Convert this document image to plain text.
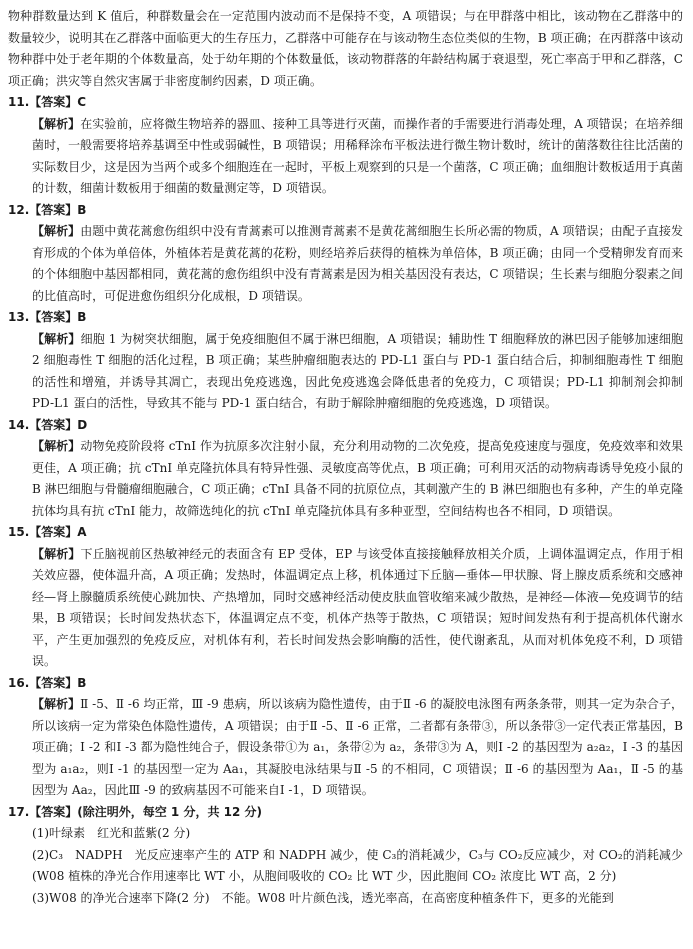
物种群数量达到 K 值后，种群数量会在一定范围内波动而不是保持不变，A 项错误；与在甲群落中相比，该动物在乙群落中的数量较少，说明其在乙群落中面临更大的生存压力，乙群落中可能存在与该动物生态位类似的生物，B 项正确；在丙群落中该动物种群中处于老年期的个体数量高，处于幼年期的个体数量低，该动物群落的年龄结构属于衰退型，死亡率高于甲和乙群落，C 项正确；洪灾等自然灾害属于非密度制约因素，D 项正确。

11.【答案】C

【解析】在实验前，应将微生物培养的器皿、接种工具等进行灭菌，而操作者的手需要进行消毒处理，A 项错误；在培养细菌时，一般需要将培养基调至中性或弱碱性，B 项错误；用稀释涂布平板法进行微生物计数时，统计的菌落数往往比活菌的实际数目少，这是因为当两个或多个细胞连在一起时，平板上观察到的只是一个菌落，C 项正确；血细胞计数板适用于真菌的计数，细菌计数板用于细菌的数量测定等，D 项错误。

12.【答案】B

【解析】由题中黄花蒿愈伤组织中没有青蒿素可以推测青蒿素不是黄花蒿细胞生长所必需的物质，A 项错误；由配子直接发育形成的个体为单倍体，外植体若是黄花蒿的花粉，则经培养后获得的植株为单倍体，B 项正确；由同一个受精卵发育而来的个体细胞中基因都相同，黄花蒿的愈伤组织中没有青蒿素是因为相关基因没有表达，C 项错误；生长素与细胞分裂素之间的比值高时，可促进愈伤组织分化成根，D 项错误。

13.【答案】B

【解析】细胞 1 为树突状细胞，属于免疫细胞但不属于淋巴细胞，A 项错误；辅助性 T 细胞释放的淋巴因子能够加速细胞 2 细胞毒性 T 细胞的活化过程，B 项正确；某些肿瘤细胞表达的 PD-L1 蛋白与 PD-1 蛋白结合后，抑制细胞毒性 T 细胞的活性和增殖，并诱导其凋亡，表现出免疫逃逸，因此免疫逃逸会降低患者的免疫力，C 项错误；PD-L1 抑制剂会抑制 PD-L1 蛋白的活性，导致其不能与 PD-1 蛋白结合，有助于解除肿瘤细胞的免疫逃逸，D 项错误。

14.【答案】D

【解析】动物免疫阶段将 cTnI 作为抗原多次注射小鼠，充分利用动物的二次免疫，提高免疫速度与强度，免疫效率和效果更佳，A 项正确；抗 cTnI 单克隆抗体具有特异性强、灵敏度高等优点，B 项正确；可利用灭活的动物病毒诱导免疫小鼠的 B 淋巴细胞与骨髓瘤细胞融合，C 项正确；cTnI 具备不同的抗原位点，其刺激产生的 B 淋巴细胞也有多种，产生的单克隆抗体均具有抗 cTnI 能力，故筛选纯化的抗 cTnI 单克隆抗体具有多种亚型，空间结构也各不相同，D 项错误。

15.【答案】A

【解析】下丘脑视前区热敏神经元的表面含有 EP 受体，EP 与该受体直接接触释放相关介质，上调体温调定点，作用于相关效应器，使体温升高，A 项正确；发热时，体温调定点上移，机体通过下丘脑—垂体—甲状腺、肾上腺皮质系统和交感神经—肾上腺髓质系统使心跳加快、产热增加，同时交感神经活动使皮肤血管收缩来减少散热，是神经—体液—免疫调节的结果，B 项错误；长时间发热状态下，体温调定点不变，机体产热等于散热，C 项错误；短时间发热有利于提高机体代谢水平，产生更加强烈的免疫反应，对机体有利，若长时间发热会影响酶的活性，使代谢紊乱，从而对机体免疫不利，D 项错误。

16.【答案】B

【解析】Ⅱ -5、Ⅱ -6 均正常，Ⅲ -9 患病，所以该病为隐性遗传，由于Ⅱ -6 的凝胶电泳图有两条条带，则其一定为杂合子，所以该病一定为常染色体隐性遗传，A 项错误；由于Ⅱ -5、Ⅱ -6 正常，二者都有条带③，所以条带③一定代表正常基因，B 项正确；Ⅰ -2 和Ⅰ -3 都为隐性纯合子，假设条带①为 a₁，条带②为 a₂，条带③为 A，则Ⅰ -2 的基因型为 a₂a₂，Ⅰ -3 的基因型为 a₁a₂，则Ⅰ -1 的基因型一定为 Aa₁，其凝胶电泳结果与Ⅱ -5 的不相同，C 项错误；Ⅱ -6 的基因型为 Aa₁，Ⅱ -5 的基因型为 Aa₂，因此Ⅲ -9 的致病基因不可能来自Ⅰ -1，D 项错误。

17.【答案】(除注明外，每空 1 分，共 12 分)

(1)叶绿素　红光和蓝紫(2 分)

(2)C₃　NADPH　光反应速率产生的 ATP 和 NADPH 减少，使 C₃的消耗减少，C₃与 CO₂反应减少，对 CO₂的消耗减少(W08 植株的净光合作用速率比 WT 小，从胞间吸收的 CO₂ 比 WT 少，因此胞间 CO₂ 浓度比 WT 高，2 分)

(3)W08 的净光合速率下降(2 分)　不能。W08 叶片颜色浅，透光率高，在高密度种植条件下，更多的光能到
